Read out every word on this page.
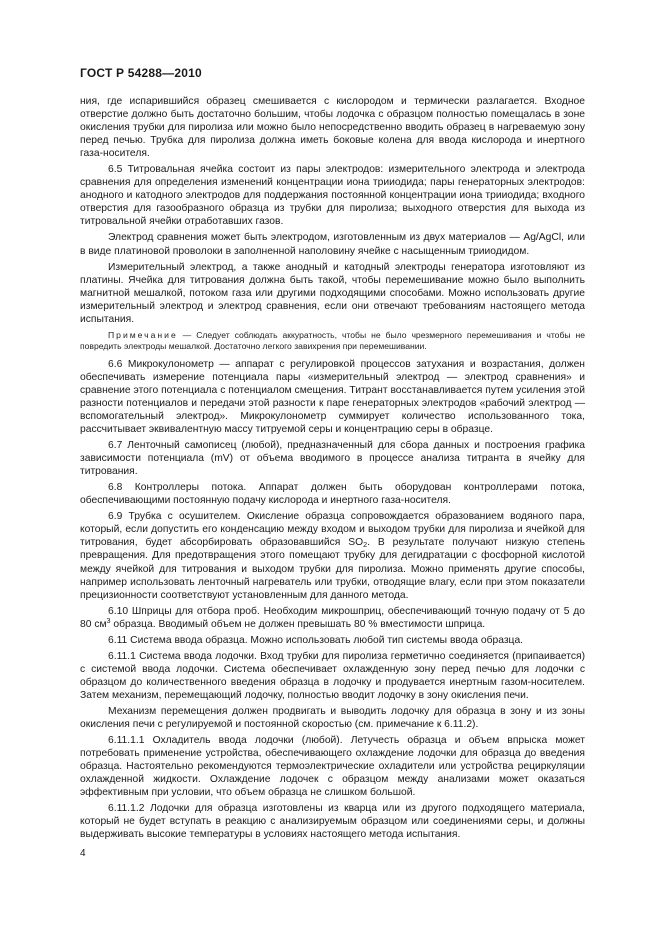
ГОСТ Р 54288—2010

ния, где испарившийся образец смешивается с кислородом и термически разлагается. Входное отверстие должно быть достаточно большим, чтобы лодочка с образцом полностью помещалась в зоне окисления трубки для пиролиза или можно было непосредственно вводить образец в нагреваемую зону перед печью. Трубка для пиролиза должна иметь боковые колена для ввода кислорода и инертного газа-носителя.

6.5 Титровальная ячейка состоит из пары электродов: измерительного электрода и электрода сравнения для определения изменений концентрации иона трииодида; пары генераторных электродов: анодного и катодного электродов для поддержания постоянной концентрации иона трииодида; входного отверстия для газообразного образца из трубки для пиролиза; выходного отверстия для выхода из титровальной ячейки отработавших газов.

Электрод сравнения может быть электродом, изготовленным из двух материалов — Ag/AgCl, или в виде платиновой проволоки в заполненной наполовину ячейке с насыщенным трииодидом.

Измерительный электрод, а также анодный и катодный электроды генератора изготовляют из платины. Ячейка для титрования должна быть такой, чтобы перемешивание можно было выполнить магнитной мешалкой, потоком газа или другими подходящими способами. Можно использовать другие измерительный электрод и электрод сравнения, если они отвечают требованиям настоящего метода испытания.

Примечание — Следует соблюдать аккуратность, чтобы не было чрезмерного перемешивания и чтобы не повредить электроды мешалкой. Достаточно легкого завихрения при перемешивании.

6.6 Микрокулонометр — аппарат с регулировкой процессов затухания и возрастания, должен обеспечивать измерение потенциала пары «измерительный электрод — электрод сравнения» и сравнение этого потенциала с потенциалом смещения. Титрант восстанавливается путем усиления этой разности потенциалов и передачи этой разности к паре генераторных электродов «рабочий электрод — вспомогательный электрод». Микрокулонометр суммирует количество использованного тока, рассчитывает эквивалентную массу титруемой серы и концентрацию серы в образце.

6.7 Ленточный самописец (любой), предназначенный для сбора данных и построения графика зависимости потенциала (mV) от объема вводимого в процессе анализа титранта в ячейку для титрования.

6.8 Контроллеры потока. Аппарат должен быть оборудован контроллерами потока, обеспечивающими постоянную подачу кислорода и инертного газа-носителя.

6.9 Трубка с осушителем. Окисление образца сопровождается образованием водяного пара, который, если допустить его конденсацию между входом и выходом трубки для пиролиза и ячейкой для титрования, будет абсорбировать образовавшийся $SO_2$. В результате получают низкую степень превращения. Для предотвращения этого помещают трубку для дегидратации с фосфорной кислотой между ячейкой для титрования и выходом трубки для пиролиза. Можно применять другие способы, например использовать ленточный нагреватель или трубки, отводящие влагу, если при этом показатели прецизионности соответствуют установленным для данного метода.

6.10 Шприцы для отбора проб. Необходим микрошприц, обеспечивающий точную подачу от 5 до 80 $см^3$ образца. Вводимый объем не должен превышать 80 % вместимости шприца.

6.11 Система ввода образца. Можно использовать любой тип системы ввода образца.

6.11.1 Система ввода лодочки. Вход трубки для пиролиза герметично соединяется (припаивается) с системой ввода лодочки. Система обеспечивает охлажденную зону перед печью для лодочки с образцом до количественного введения образца в лодочку и продувается инертным газом-носителем. Затем механизм, перемещающий лодочку, полностью вводит лодочку в зону окисления печи.

Механизм перемещения должен продвигать и выводить лодочку для образца в зону и из зоны окисления печи с регулируемой и постоянной скоростью (см. примечание к 6.11.2).

6.11.1.1 Охладитель ввода лодочки (любой). Летучесть образца и объем впрыска может потребовать применение устройства, обеспечивающего охлаждение лодочки для образца до введения образца. Настоятельно рекомендуются термоэлектрические охладители или устройства рециркуляции охлажденной жидкости. Охлаждение лодочек с образцом между анализами может оказаться эффективным при условии, что объем образца не слишком большой.

6.11.1.2 Лодочки для образца изготовлены из кварца или из другого подходящего материала, который не будет вступать в реакцию с анализируемым образцом или соединениями серы, и должны выдерживать высокие температуры в условиях настоящего метода испытания.

4
